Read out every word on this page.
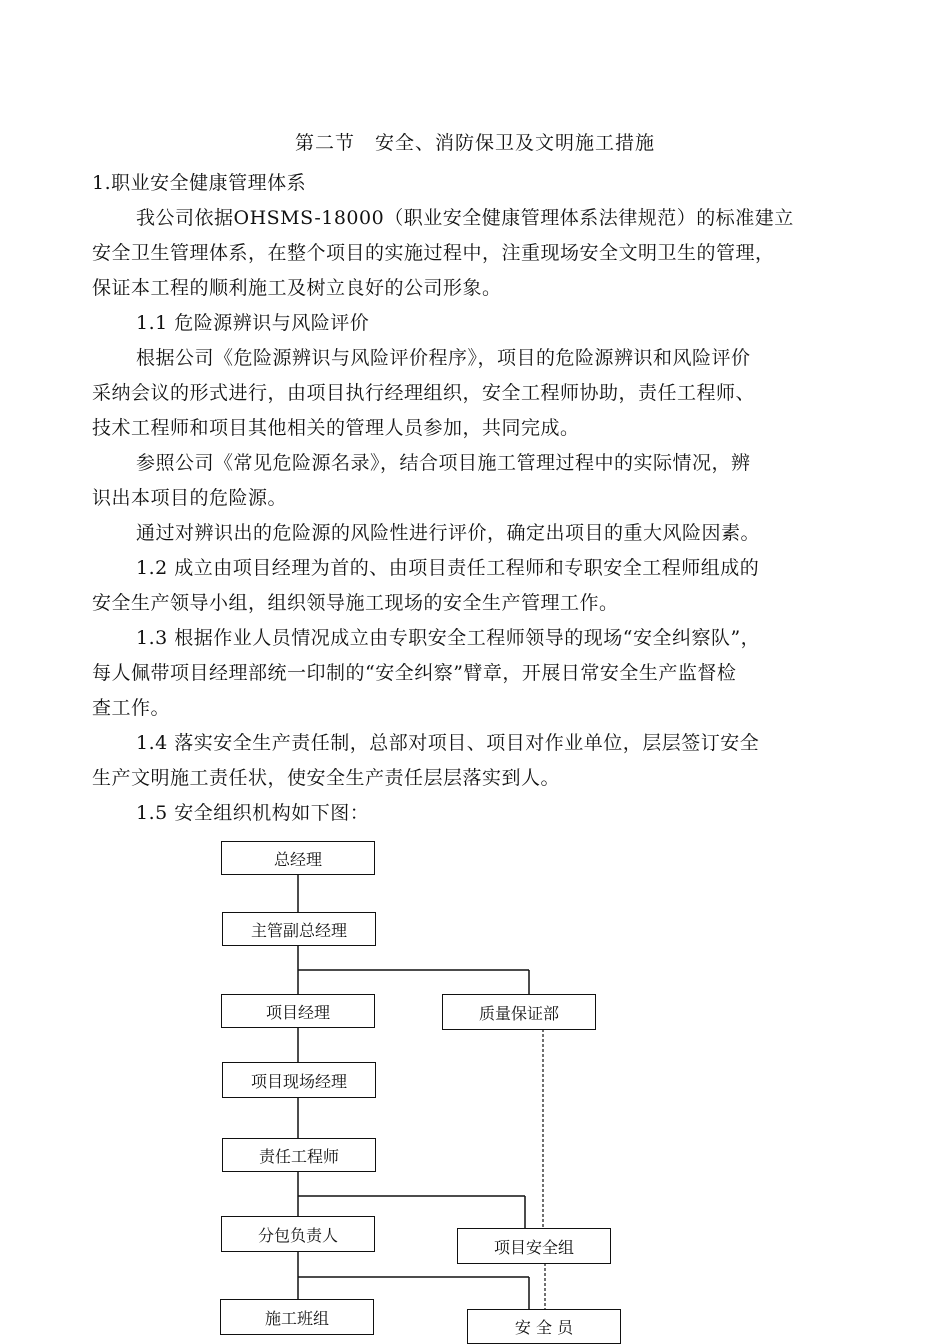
第二节　安全、消防保卫及文明施工措施
1.职业安全健康管理体系
我公司依据OHSMS-18000（职业安全健康管理体系法律规范）的标准建立
安全卫生管理体系，在整个项目的实施过程中，注重现场安全文明卫生的管理，
保证本工程的顺利施工及树立良好的公司形象。
1.1 危险源辨识与风险评价
根据公司《危险源辨识与风险评价程序》，项目的危险源辨识和风险评价
采纳会议的形式进行，由项目执行经理组织，安全工程师协助，责任工程师、
技术工程师和项目其他相关的管理人员参加，共同完成。
参照公司《常见危险源名录》，结合项目施工管理过程中的实际情况，辨
识出本项目的危险源。
通过对辨识出的危险源的风险性进行评价，确定出项目的重大风险因素。
1.2 成立由项目经理为首的、由项目责任工程师和专职安全工程师组成的
安全生产领导小组，组织领导施工现场的安全生产管理工作。
1.3 根据作业人员情况成立由专职安全工程师领导的现场“安全纠察队”，
每人佩带项目经理部统一印制的“安全纠察”臂章，开展日常安全生产监督检
查工作。
1.4 落实安全生产责任制，总部对项目、项目对作业单位，层层签订安全
生产文明施工责任状，使安全生产责任层层落实到人。
1.5 安全组织机构如下图：
总经理
主管副总经理
项目经理	质量保证部
项目现场经理
责任工程师
分包负责人
项目安全组
施工班组	安 全 员
